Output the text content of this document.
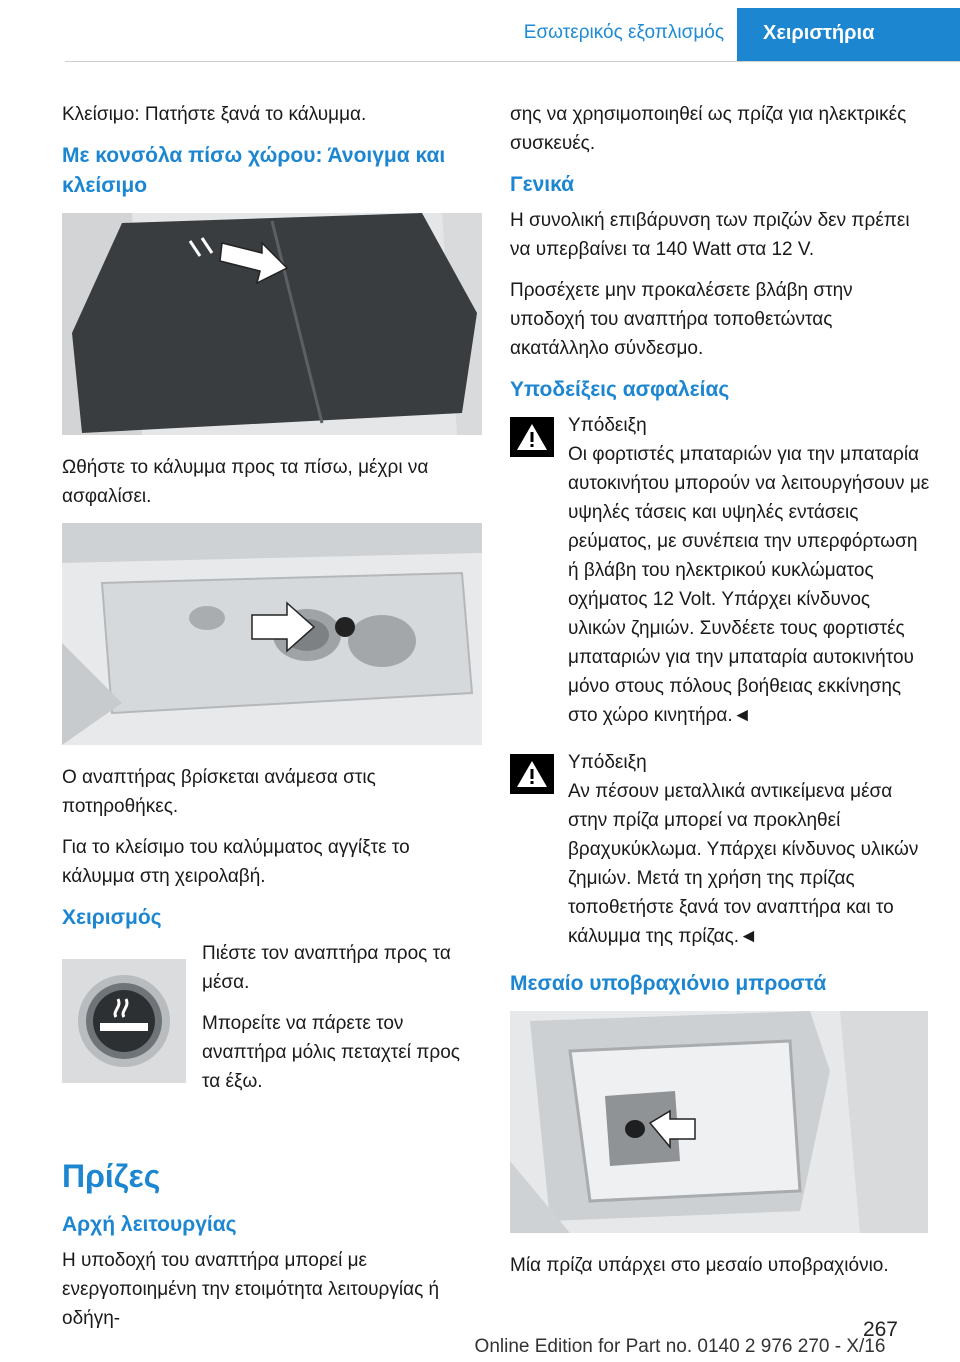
Εσωτερικός εξοπλισμός	Χειριστήρια

Κλείσιμο: Πατήστε ξανά το κάλυμμα.

Με κονσόλα πίσω χώρου: Άνοιγμα και κλείσιμο

Ωθήστε το κάλυμμα προς τα πίσω, μέχρι να ασφαλίσει.

Ο αναπτήρας βρίσκεται ανάμεσα στις ποτηροθήκες.

Για το κλείσιμο του καλύμματος αγγίξτε το κάλυμμα στη χειρολαβή.

Χειρισμός

Πιέστε τον αναπτήρα προς τα μέσα.

Μπορείτε να πάρετε τον αναπτήρα μόλις πεταχτεί προς τα έξω.

Πρίζες
Αρχή λειτουργίας

Η υποδοχή του αναπτήρα μπορεί με ενεργοποιημένη την ετοιμότητα λειτουργίας ή οδήγη-

σης να χρησιμοποιηθεί ως πρίζα για ηλεκτρικές συσκευές.

Γενικά

Η συνολική επιβάρυνση των πριζών δεν πρέπει να υπερβαίνει τα 140 Watt στα 12 V.

Προσέχετε μην προκαλέσετε βλάβη στην υποδοχή του αναπτήρα τοποθετώντας ακατάλληλο σύνδεσμο.

Υποδείξεις ασφαλείας

Υπόδειξη

Οι φορτιστές μπαταριών για την μπαταρία αυτοκινήτου μπορούν να λειτουργήσουν με υψηλές τάσεις και υψηλές εντάσεις ρεύματος, με συνέπεια την υπερφόρτωση ή βλάβη του ηλεκτρικού κυκλώματος οχήματος 12 Volt. Υπάρχει κίνδυνος υλικών ζημιών. Συνδέετε τους φορτιστές μπαταριών για την μπαταρία αυτοκινήτου μόνο στους πόλους βοήθειας εκκίνησης στο χώρο κινητήρα.◄

Υπόδειξη

Αν πέσουν μεταλλικά αντικείμενα μέσα στην πρίζα μπορεί να προκληθεί βραχυκύκλωμα. Υπάρχει κίνδυνος υλικών ζημιών. Μετά τη χρήση της πρίζας τοποθετήστε ξανά τον αναπτήρα και το κάλυμμα της πρίζας.◄

Μεσαίο υποβραχιόνιο μπροστά

Μία πρίζα υπάρχει στο μεσαίο υποβραχιόνιο.

267
Online Edition for Part no. 0140 2 976 270 - X/16
